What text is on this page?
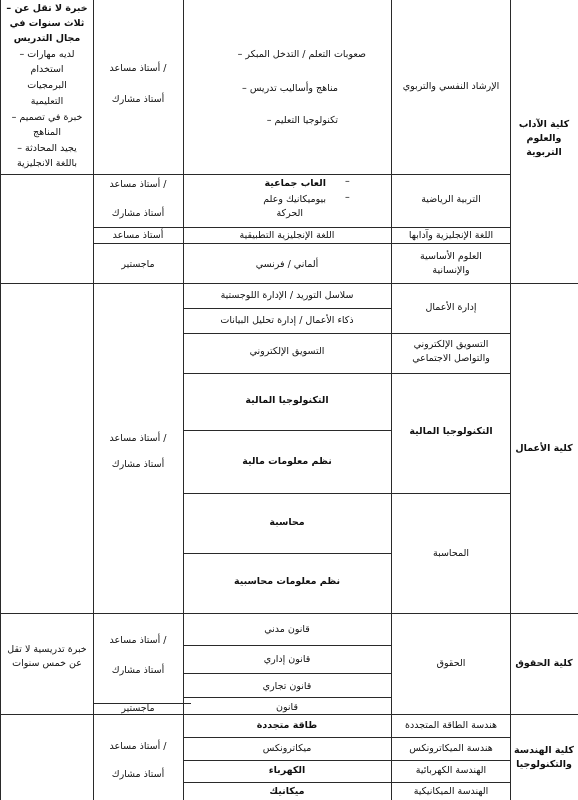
كلية الآداب والعلوم التربوية
كلية الأعمال
كلية الحقوق
كلية الهندسة والتكنولوجيا
الإرشاد النفسي والتربوي
التربية الرياضية
اللغة الإنجليزية وآدابها
العلوم الأساسية والإنسانية
إدارة الأعمال
التسويق الإلكتروني والتواصل الاجتماعي
التكنولوجيا المالية
المحاسبة
الحقوق
هندسة الطاقة المتجددة
هندسة الميكاترونكس
الهندسة الكهربائية
الهندسة الميكانيكية
– صعوبات التعلم / التدخل المبكر
– مناهج وأساليب تدريس
– تكنولوجيا التعليم
العاب جماعية –
–
بيوميكانيك وعلم
الحركة
اللغة الإنجليزية التطبيقية
ألماني / فرنسي
سلاسل التوريد / الإدارة اللوجستية
ذكاء الأعمال / إدارة تحليل البيانات
التسويق الإلكتروني
التكنولوجيا المالية
نظم معلومات مالية
محاسبة
نظم معلومات محاسبية
قانون مدني
قانون إداري
قانون تجاري
قانون
طاقة متجددة
ميكاترونكس
الكهرباء
ميكانيك
أستاذ مساعد /
أستاذ مشارك
أستاذ مساعد /
أستاذ مشارك
أستاذ مساعد
ماجستير
أستاذ مساعد /
أستاذ مشارك
أستاذ مساعد /
أستاذ مشارك
ماجستير
أستاذ مساعد /
أستاذ مشارك
– خبرة لا تقل عن
ثلاث سنوات في
مجال التدريس
– لديه مهارات
استخدام
البرمجيات
التعليمية
– خبرة في تصميم
المناهج
– يجيد المحادثة
باللغة الانجليزية
خبرة تدريسية لا تقل
عن خمس سنوات
